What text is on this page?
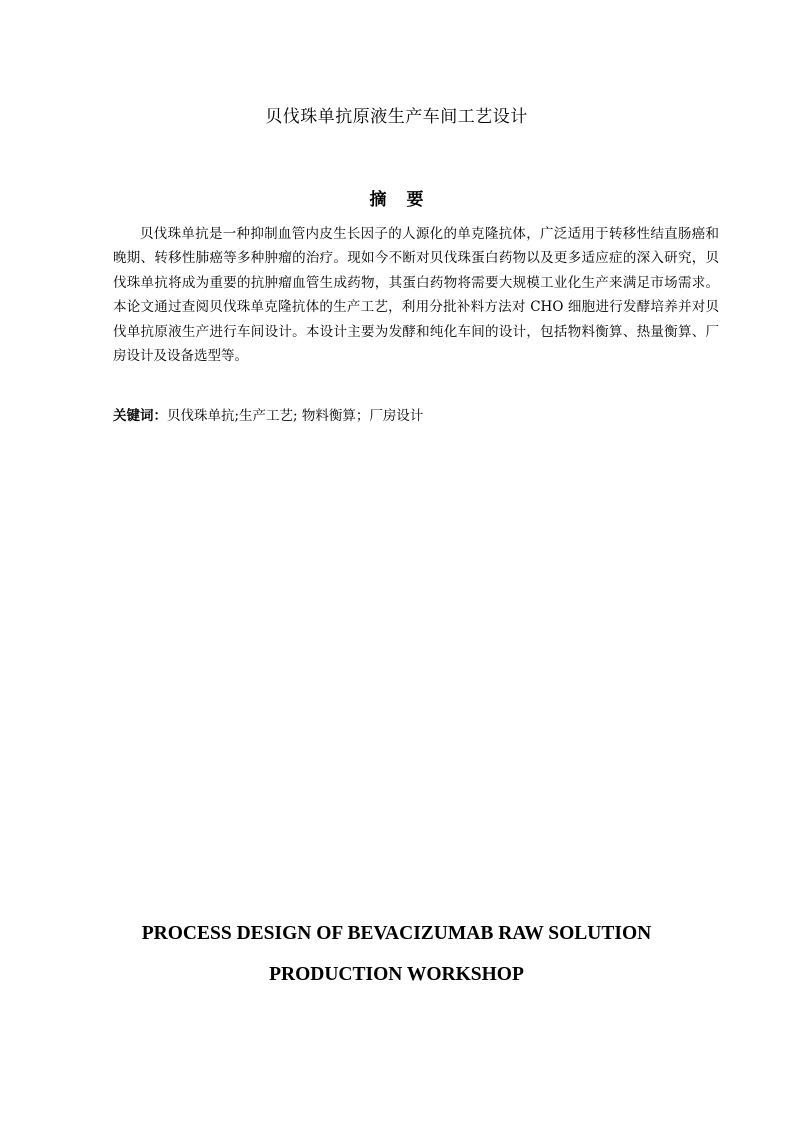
贝伐珠单抗原液生产车间工艺设计
摘要

贝伐珠单抗是一种抑制血管内皮生长因子的人源化的单克隆抗体，广泛适用于转移性结直肠癌和晚期、转移性肺癌等多种肿瘤的治疗。现如今不断对贝伐珠蛋白药物以及更多适应症的深入研究，贝伐珠单抗将成为重要的抗肿瘤血管生成药物，其蛋白药物将需要大规模工业化生产来满足市场需求。本论文通过查阅贝伐珠单克隆抗体的生产工艺，利用分批补料方法对 CHO 细胞进行发酵培养并对贝伐单抗原液生产进行车间设计。本设计主要为发酵和纯化车间的设计，包括物料衡算、热量衡算、厂房设计及设备选型等。

关键词：贝伐珠单抗;生产工艺; 物料衡算；厂房设计
PROCESS DESIGN OF BEVACIZUMAB RAW SOLUTION
PRODUCTION WORKSHOP
